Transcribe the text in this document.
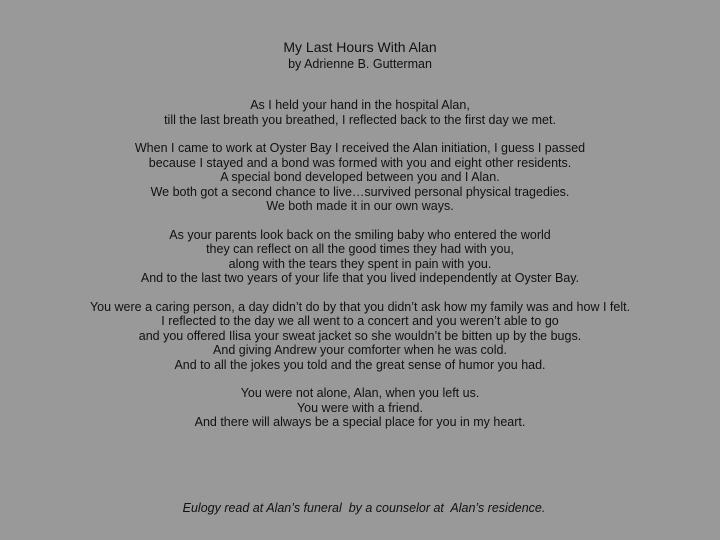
My Last Hours With Alan
by Adrienne B. Gutterman
As I held your hand in the hospital Alan,
till the last breath you breathed, I reflected back to the first day we met.
When I came to work at Oyster Bay I received the Alan initiation, I guess I passed
because I stayed and a bond was formed with you and eight other residents.
A special bond developed between you and I Alan.
We both got a second chance to live…survived personal physical tragedies.
We both made it in our own ways.
As your parents look back on the smiling baby who entered the world
they can reflect on all the good times they had with you,
along with the tears they spent in pain with you.
And to the last two years of your life that you lived independently at Oyster Bay.
You were a caring person, a day didn’t do by that you didn’t ask how my family was and how I felt.
I reflected to the day we all went to a concert and you weren’t able to go
and you offered Ilisa your sweat jacket so she wouldn’t be bitten up by the bugs.
And giving Andrew your comforter when he was cold.
And to all the jokes you told and the great sense of humor you had.
You were not alone, Alan, when you left us.
You were with a friend.
And there will always be a special place for you in my heart.
Eulogy read at Alan’s funeral  by a counselor at  Alan’s residence.
